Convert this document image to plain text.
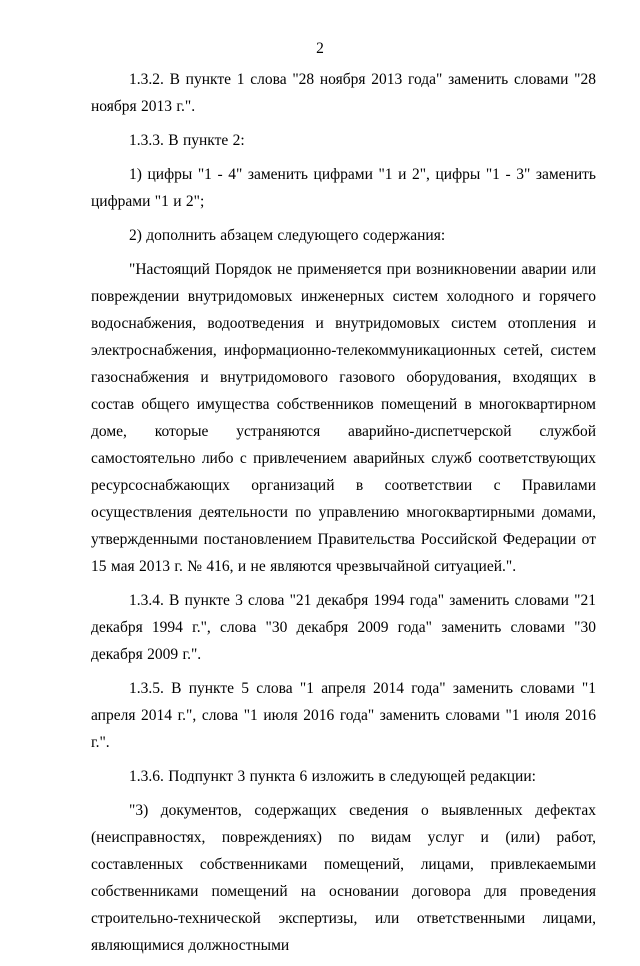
2

1.3.2. В пункте 1 слова "28 ноября 2013 года" заменить словами "28 ноября 2013 г.".

1.3.3. В пункте 2:

1) цифры "1 - 4" заменить цифрами "1 и 2", цифры "1 - 3" заменить цифрами "1 и 2";

2) дополнить абзацем следующего содержания:

"Настоящий Порядок не применяется при возникновении аварии или повреждении внутридомовых инженерных систем холодного и горячего водоснабжения, водоотведения и внутридомовых систем отопления и электроснабжения, информационно-телекоммуникационных сетей, систем газоснабжения и внутридомового газового оборудования, входящих в состав общего имущества собственников помещений в многоквартирном доме, которые устраняются аварийно-диспетчерской службой самостоятельно либо с привлечением аварийных служб соответствующих ресурсоснабжающих организаций в соответствии с Правилами осуществления деятельности по управлению многоквартирными домами, утвержденными постановлением Правительства Российской Федерации от 15 мая 2013 г. № 416, и не являются чрезвычайной ситуацией.".

1.3.4. В пункте 3 слова "21 декабря 1994 года" заменить словами "21 декабря 1994 г.", слова "30 декабря 2009 года" заменить словами "30 декабря 2009 г.".

1.3.5. В пункте 5 слова "1 апреля 2014 года" заменить словами "1 апреля 2014 г.", слова "1 июля 2016 года" заменить словами "1 июля 2016 г.".

1.3.6. Подпункт 3 пункта 6 изложить в следующей редакции:

"3) документов, содержащих сведения о выявленных дефектах (неисправностях, повреждениях) по видам услуг и (или) работ, составленных собственниками помещений, лицами, привлекаемыми собственниками помещений на основании договора для проведения строительно-технической экспертизы, или ответственными лицами, являющимися должностными
